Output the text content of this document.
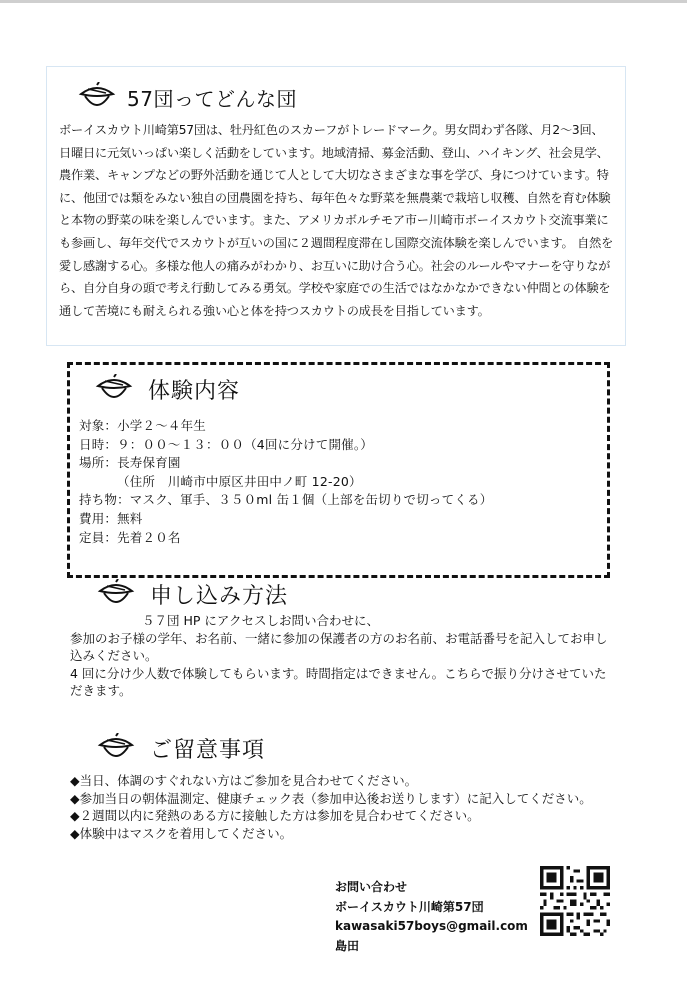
57団ってどんな団
ボーイスカウト川崎第57団は、牡丹紅色のスカーフがトレードマーク。男女問わず各隊、月2～3回、日曜日に元気いっぱい楽しく活動をしています。地域清掃、募金活動、登山、ハイキング、社会見学、農作業、キャンプなどの野外活動を通じて人として大切なさまざまな事を学び、身につけています。特に、他団では類をみない独自の団農園を持ち、毎年色々な野菜を無農薬で栽培し収穫、自然を育む体験と本物の野菜の味を楽しんでいます。また、アメリカボルチモア市ー川崎市ボーイスカウト交流事業にも参画し、毎年交代でスカウトが互いの国に２週間程度滞在し国際交流体験を楽しんでいます。 自然を愛し感謝する心。多様な他人の痛みがわかり、お互いに助け合う心。社会のルールやマナーを守りながら、自分自身の頭で考え行動してみる勇気。学校や家庭での生活ではなかなかできない仲間との体験を通して苦境にも耐えられる強い心と体を持つスカウトの成長を目指しています。
体験内容
対象：小学２～４年生
日時：９：００～１３：００（4回に分けて開催。）
場所：長寿保育園
（住所　川崎市中原区井田中ノ町 12-20）
持ち物：マスク、軍手、３５０ml 缶１個（上部を缶切りで切ってくる）
費用：無料
定員：先着２０名
申し込み方法
５７団 HP にアクセスしお問い合わせに、
参加のお子様の学年、お名前、一緒に参加の保護者の方のお名前、お電話番号を記入してお申し込みください。
4 回に分け少人数で体験してもらいます。時間指定はできません。こちらで振り分けさせていただきます。
ご留意事項
◆当日、体調のすぐれない方はご参加を見合わせてください。
◆参加当日の朝体温測定、健康チェック表（参加申込後お送りします）に記入してください。
◆２週間以内に発熱のある方に接触した方は参加を見合わせてください。
◆体験中はマスクを着用してください。
お問い合わせ
ボーイスカウト川崎第57団
kawasaki57boys@gmail.com
島田
